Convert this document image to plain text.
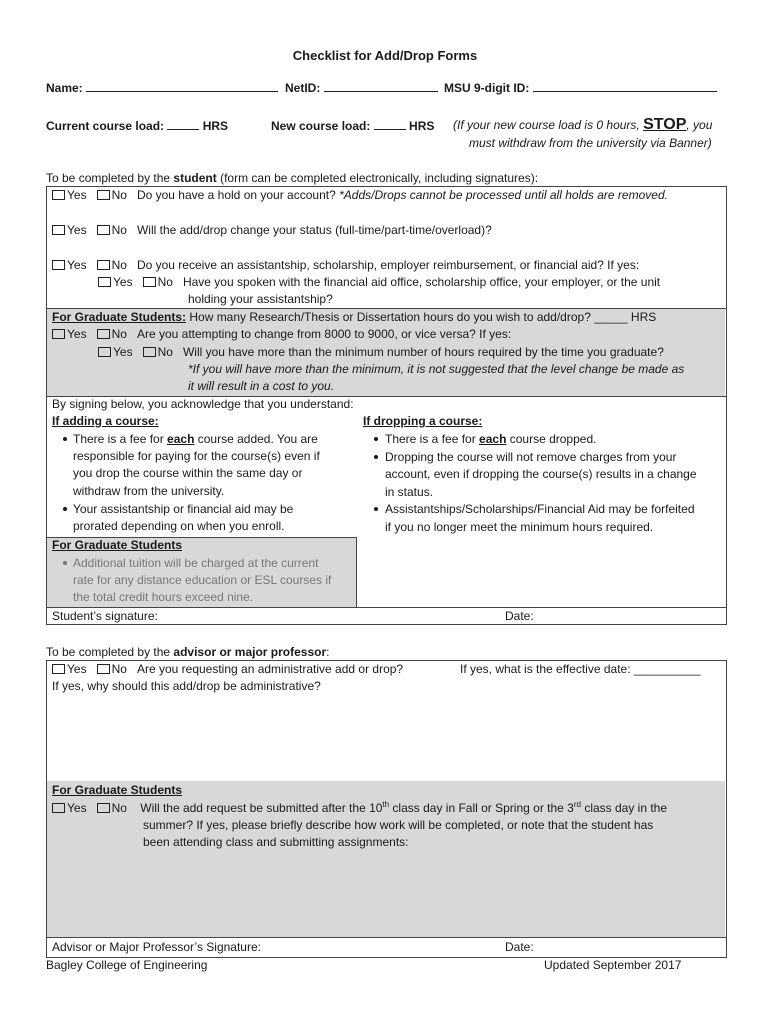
Checklist for Add/Drop Forms
Name:	NetID:	MSU 9-digit ID:
Current course load:	HRS	New course load:	HRS (If your new course load is 0 hours, STOP, you
must withdraw from the university via Banner)
To be completed by the student (form can be completed electronically, including signatures):
Yes No Do you have a hold on your account? *Adds/Drops cannot be processed until all holds are removed.
Yes No Will the add/drop change your status (full-time/part-time/overload)?
Yes No Do you receive an assistantship, scholarship, employer reimbursement, or financial aid? If yes:
Yes No Have you spoken with the financial aid office, scholarship office, your employer, or the unit
holding your assistantship?
For Graduate Students: How many Research/Thesis or Dissertation hours do you wish to add/drop? _____ HRS
Yes No Are you attempting to change from 8000 to 9000, or vice versa? If yes:
Yes No Will you have more than the minimum number of hours required by the time you graduate?
*If you will have more than the minimum, it is not suggested that the level change be made as
it will result in a cost to you.
By signing below, you acknowledge that you understand:
If adding a course:
There is a fee for each course added. You are
responsible for paying for the course(s) even if
you drop the course within the same day or
withdraw from the university.
Your assistantship or financial aid may be
prorated depending on when you enroll.
For Graduate Students
Additional tuition will be charged at the current
rate for any distance education or ESL courses if
the total credit hours exceed nine.
If dropping a course:
There is a fee for each course dropped.
Dropping the course will not remove charges from your
account, even if dropping the course(s) results in a change
in status.
Assistantships/Scholarships/Financial Aid may be forfeited
if you no longer meet the minimum hours required.
Student’s signature:	Date:
To be completed by the advisor or major professor:
Yes No Are you requesting an administrative add or drop?	If yes, what is the effective date: __________
If yes, why should this add/drop be administrative?
For Graduate Students
Yes No Will the add request be submitted after the 10th class day in Fall or Spring or the 3rd class day in the
summer? If yes, please briefly describe how work will be completed, or note that the student has
been attending class and submitting assignments:
Advisor or Major Professor’s Signature:	Date:
Bagley College of Engineering	Updated September 2017
